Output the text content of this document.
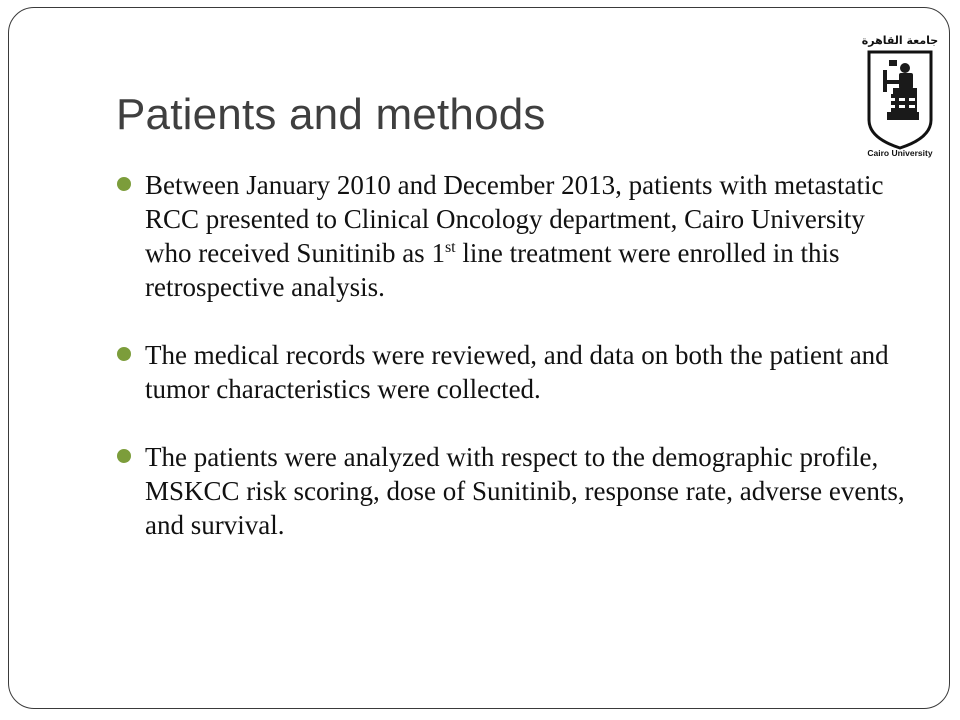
Patients and methods
Between January 2010 and December 2013, patients with metastatic RCC presented to Clinical Oncology department, Cairo University who received Sunitinib as 1st line treatment were enrolled in this retrospective analysis.
The medical records were reviewed, and data on both the patient and tumor characteristics were collected.
The patients were analyzed with respect to the demographic profile, MSKCC risk scoring, dose of Sunitinib, response rate, adverse events, and survival.
جامعة القاهرة
Cairo University
